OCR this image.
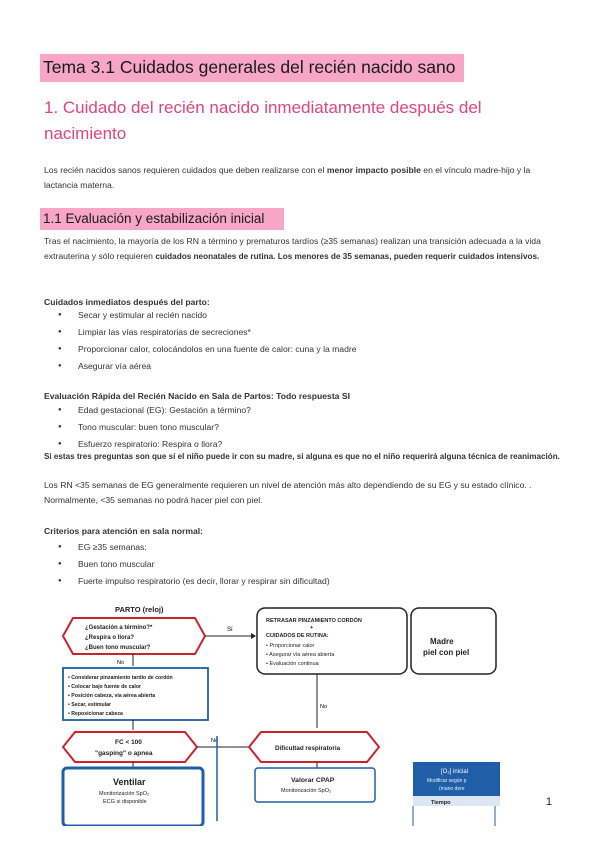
Tema 3.1 Cuidados generales del recién nacido sano
1. Cuidado del recién nacido inmediatamente después del nacimiento
Los recién nacidos sanos requieren cuidados que deben realizarse con el menor impacto posible en el vínculo madre-hijo y la lactancia materna.
1.1 Evaluación y estabilización inicial
Tras el nacimiento, la mayoría de los RN a término y prematuros tardíos (≥35 semanas) realizan una transición adecuada a la vida extrauterina y sólo requieren cuidados neonatales de rutina. Los menores de 35 semanas, pueden requerir cuidados intensivos.
Cuidados inmediatos después del parto:
● Secar y estimular al recién nacido
● Limpiar las vías respiratorias de secreciones*
● Proporcionar calor, colocándolos en una fuente de calor: cuna y la madre
● Asegurar vía aérea
Evaluación Rápida del Recién Nacido en Sala de Partos: Todo respuesta SI
● Edad gestacional (EG): Gestación a término?
● Tono muscular: buen tono muscular?
● Esfuerzo respiratorio: Respira o llora?
Si estas tres preguntas son que sí el niño puede ir con su madre, si alguna es que no el niño requerirá alguna técnica de reanimación.
Los RN <35 semanas de EG generalmente requieren un nivel de atención más alto dependiendo de su EG y su estado clínico. . Normalmente, <35 semanas no podrá hacer piel con piel.
Criterios para atención en sala normal:
● EG ≥35 semanas:
● Buen tono muscular
● Fuerte impulso respiratorio (es decir, llorar y respirar sin dificultad)
PARTO (reloj)
¿Gestación a término?*
¿Respira o llora?
¿Buen tono muscular?
Sí
RETRASAR PINZAMIENTO CORDÓN
+
CUIDADOS DE RUTINA:
• Proporcionar calor
• Asegurar vía aérea abierta
• Evaluación continua
Madre
piel con piel
No
• Considerar pinzamiento tardío de cordón
• Colocar bajo fuente de calor
• Posición cabeza, vía aérea abierta
• Secar, estimular
• Reposicionar cabeza
No
FC < 100
"gasping" o apnea
No
Dificultad respiratoria
Ventilar
Monitorización SpO₂
ECG si disponible
Valorar CPAP
Monitorización SpO₂
[O₂] inicial
Modificar según p
(mano dere
Tiempo	1
